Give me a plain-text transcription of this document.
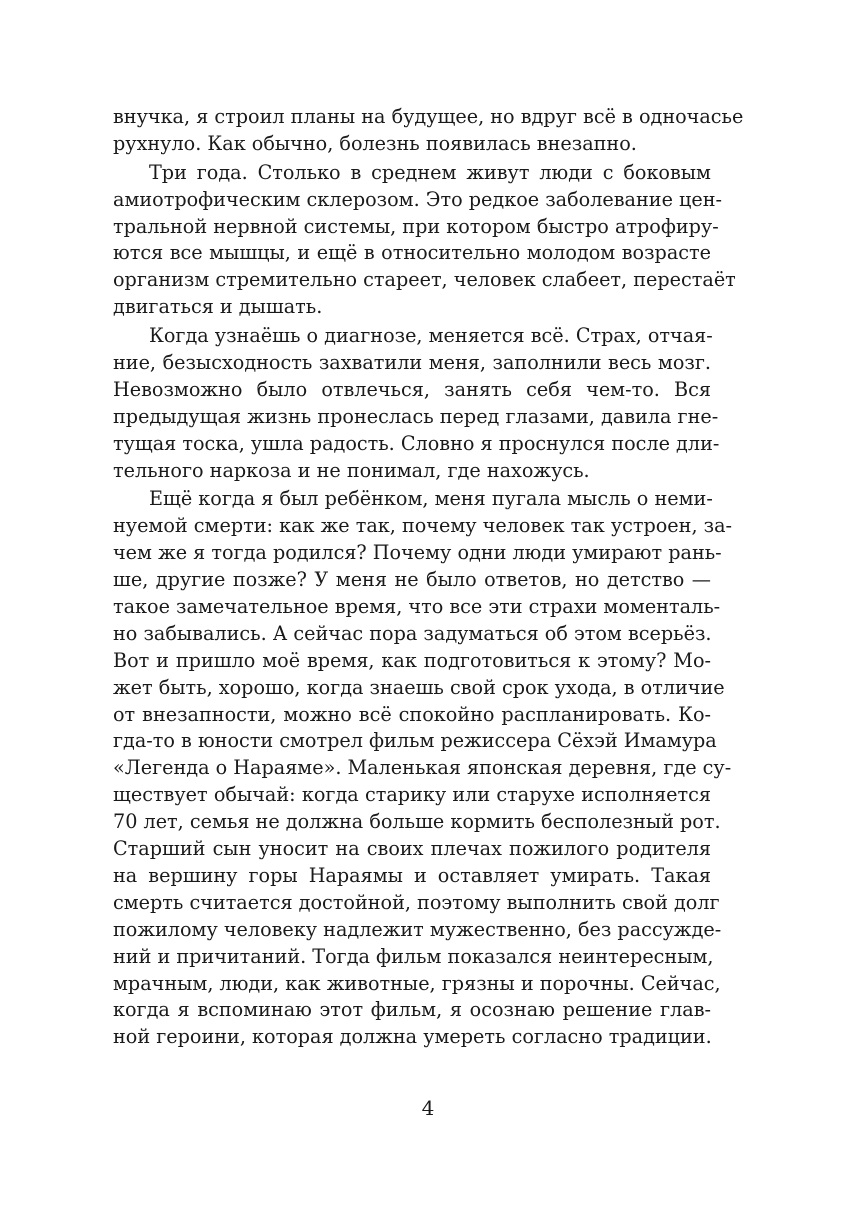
внучка, я строил планы на будущее, но вдруг всё в одночасье
рухнуло. Как обычно, болезнь появилась внезапно.
Три года. Столько в среднем живут люди с боковым
амиотрофическим склерозом. Это редкое заболевание цен-
тральной нервной системы, при котором быстро атрофиру-
ются все мышцы, и ещё в относительно молодом возрасте
организм стремительно стареет, человек слабеет, перестаёт
двигаться и дышать.
Когда узнаёшь о диагнозе, меняется всё. Страх, отчая-
ние, безысходность захватили меня, заполнили весь мозг.
Невозможно было отвлечься, занять себя чем-то. Вся
предыдущая жизнь пронеслась перед глазами, давила гне-
тущая тоска, ушла радость. Словно я проснулся после дли-
тельного наркоза и не понимал, где нахожусь.
Ещё когда я был ребёнком, меня пугала мысль о неми-
нуемой смерти: как же так, почему человек так устроен, за-
чем же я тогда родился? Почему одни люди умирают рань-
ше, другие позже? У меня не было ответов, но детство —
такое замечательное время, что все эти страхи моменталь-
но забывались. А сейчас пора задуматься об этом всерьёз.
Вот и пришло моё время, как подготовиться к этому? Мо-
жет быть, хорошо, когда знаешь свой срок ухода, в отличие
от внезапности, можно всё спокойно распланировать. Ко-
гда-то в юности смотрел фильм режиссера Сёхэй Имамура
«Легенда о Нараяме». Маленькая японская деревня, где су-
ществует обычай: когда старику или старухе исполняется
70 лет, семья не должна больше кормить бесполезный рот.
Старший сын уносит на своих плечах пожилого родителя
на вершину горы Нараямы и оставляет умирать. Такая
смерть считается достойной, поэтому выполнить свой долг
пожилому человеку надлежит мужественно, без рассужде-
ний и причитаний. Тогда фильм показался неинтересным,
мрачным, люди, как животные, грязны и порочны. Сейчас,
когда я вспоминаю этот фильм, я осознаю решение глав-
ной героини, которая должна умереть согласно традиции.
4
